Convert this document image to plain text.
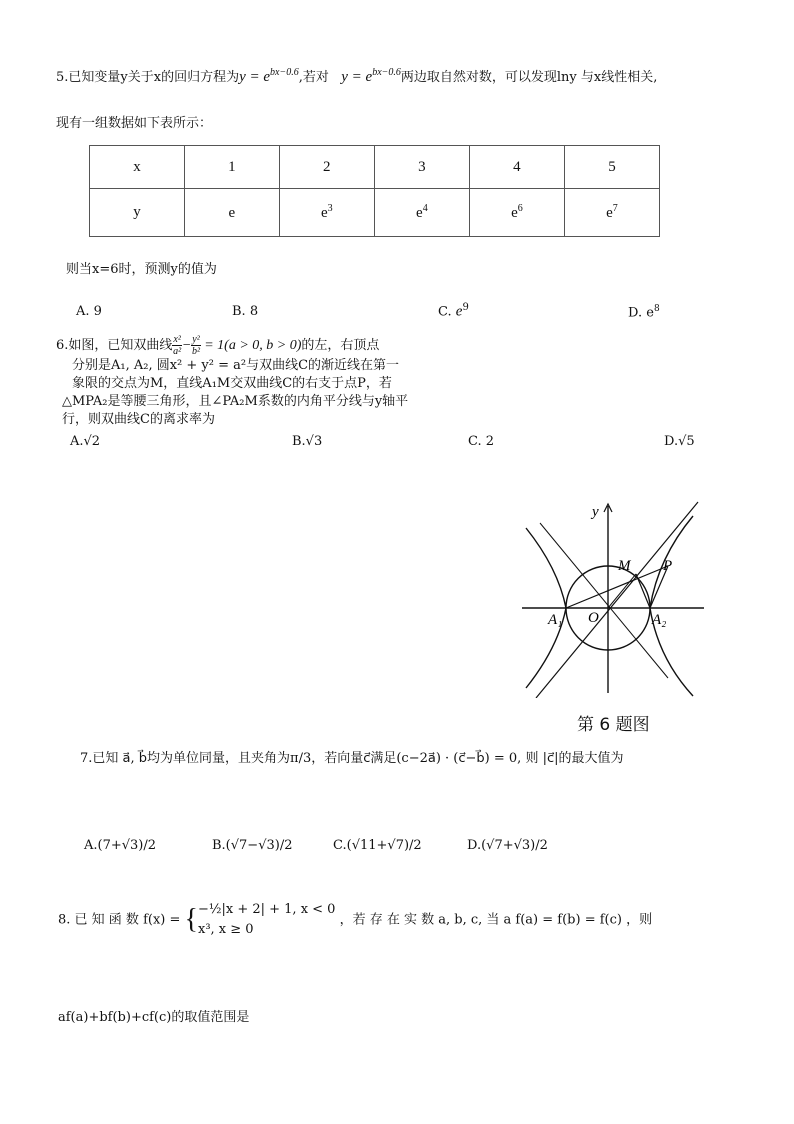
5.已知变量y关于x的回归方程为$y = e^{bx-0.6}$,若对 $y = e^{bx-0.6}$两边取自然对数，可以发现lny 与x线性相关,
现有一组数据如下表所示：
x	1	2	3	4	5
y	e	$e^3$	$e^4$	$e^6$	$e^7$
则当x=6时，预测y的值为
A. 9	B. 8	C. $e^9$	D. $e^8$
6.如图，已知双曲线 $\frac{\text{x²}}{\text{a²}} - \frac{\text{y²}}{\text{b²}} = 1(a > 0$, b > 0)的左，右顶点
分别是A₁, A₂, 圆x² + y² = a²与双曲线C的渐近线在第一
象限的交点为M，直线A₁M交双曲线C的右支于点P，若
△MPA₂是等腰三角形，且∠PA₂M系数的内角平分线与y轴平
行，则双曲线C的离求率为
A.√2	B.√3	C. 2	D.√5
y
M P
O
A₁	A₂
第 6 题图
7.已知 a⃗, b⃗均为单位同量，且夹角为π/3，若向量c⃗满足(c−2a⃗) · (c⃗−b⃗) = 0, 则 |c⃗|的最大值为
A.(7+√3)/2	B.(√7−√3)/2	C.(√11+√7)/2	D.(√7+√3)/2
8. 已 知 函 数 f(x) = { −½|x + 2| + 1, x < 0
x³, x ≥ 0
，若 存 在 实 数 a, b, c, 当 a f(a) = f(b) = f(c) ，则
af(a)+bf(b)+cf(c)的取值范围是
